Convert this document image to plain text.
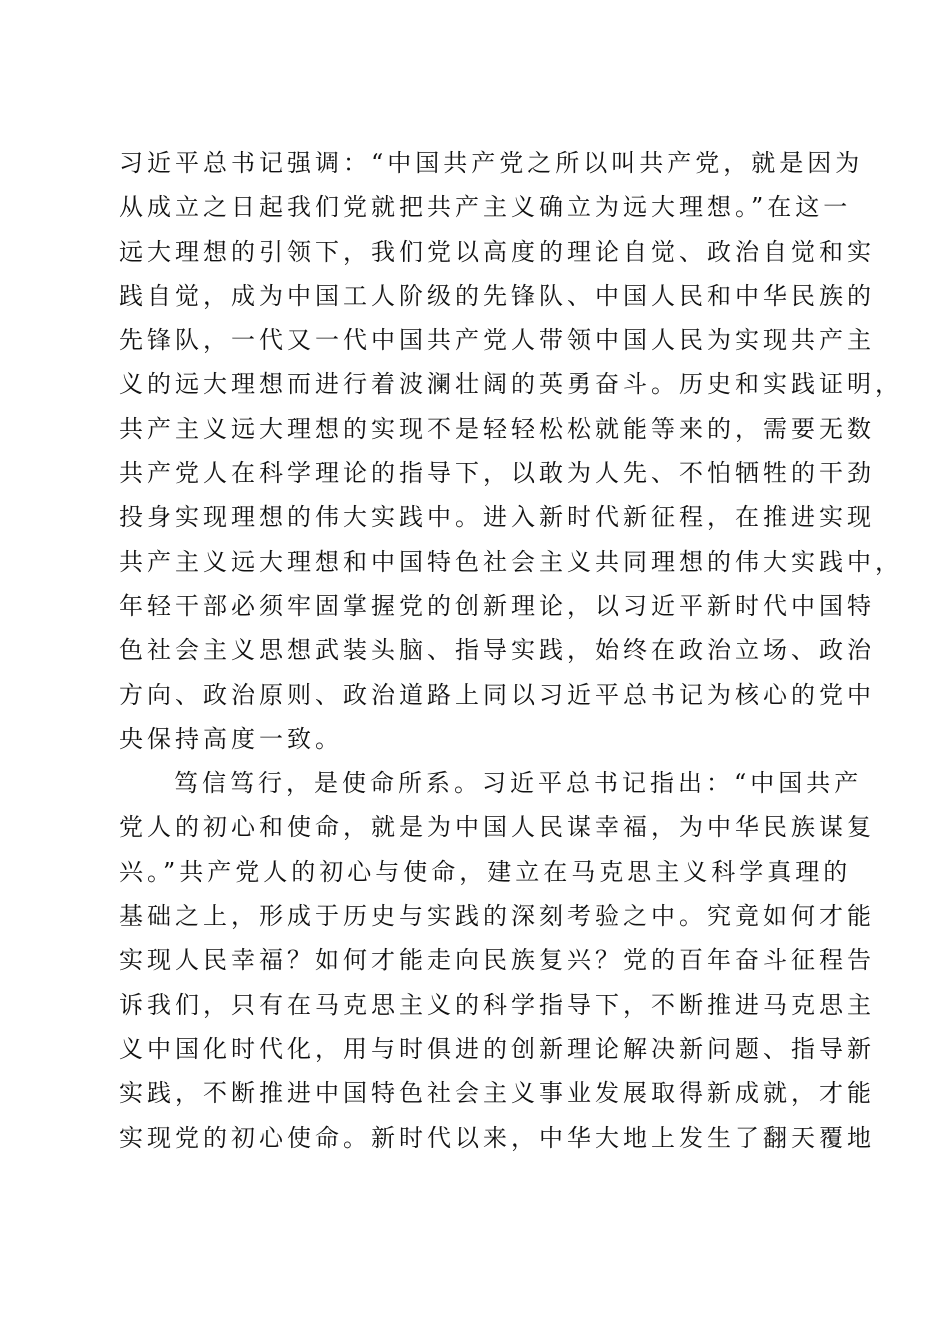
习近平总书记强调：“中国共产党之所以叫共产党，就是因为
从成立之日起我们党就把共产主义确立为远大理想。”在这一
远大理想的引领下，我们党以高度的理论自觉、政治自觉和实
践自觉，成为中国工人阶级的先锋队、中国人民和中华民族的
先锋队，一代又一代中国共产党人带领中国人民为实现共产主
义的远大理想而进行着波澜壮阔的英勇奋斗。历史和实践证明，
共产主义远大理想的实现不是轻轻松松就能等来的，需要无数
共产党人在科学理论的指导下，以敢为人先、不怕牺牲的干劲
投身实现理想的伟大实践中。进入新时代新征程，在推进实现
共产主义远大理想和中国特色社会主义共同理想的伟大实践中，
年轻干部必须牢固掌握党的创新理论，以习近平新时代中国特
色社会主义思想武装头脑、指导实践，始终在政治立场、政治
方向、政治原则、政治道路上同以习近平总书记为核心的党中
央保持高度一致。
笃信笃行，是使命所系。习近平总书记指出：“中国共产
党人的初心和使命，就是为中国人民谋幸福，为中华民族谋复
兴。”共产党人的初心与使命，建立在马克思主义科学真理的
基础之上，形成于历史与实践的深刻考验之中。究竟如何才能
实现人民幸福？如何才能走向民族复兴？党的百年奋斗征程告
诉我们，只有在马克思主义的科学指导下，不断推进马克思主
义中国化时代化，用与时俱进的创新理论解决新问题、指导新
实践，不断推进中国特色社会主义事业发展取得新成就，才能
实现党的初心使命。新时代以来，中华大地上发生了翻天覆地
